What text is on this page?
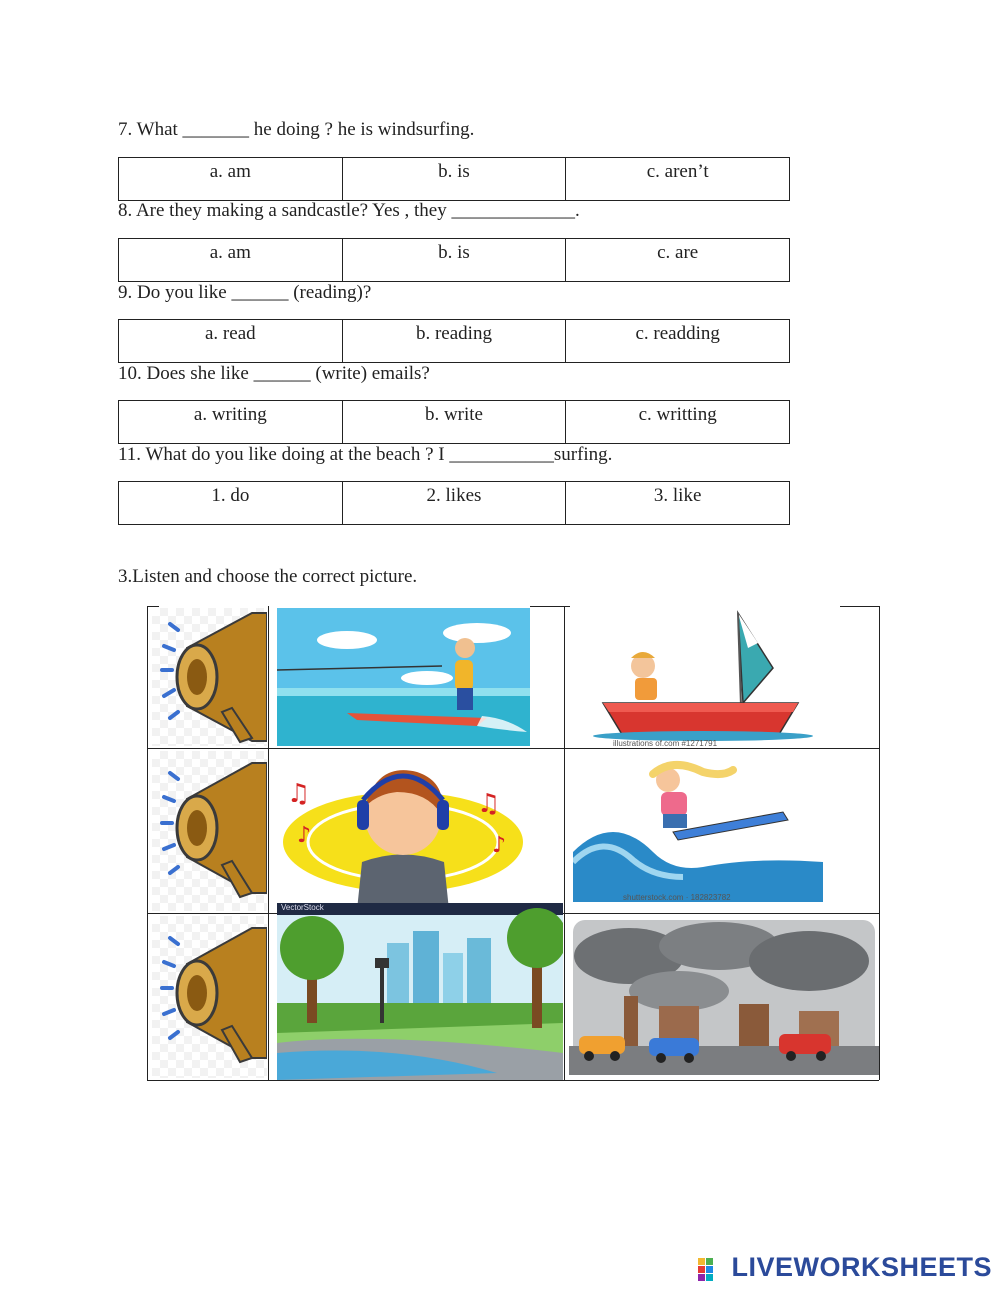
7. What _______ he doing ? he is windsurfing.
a. am	b. is	c. aren’t
8. Are they making a sandcastle? Yes , they _____________.
a. am	b. is	c. are
9. Do you like ______ (reading)?
a. read	b. reading	c. readding
10. Does she like ______ (write) emails?
a. writing	b. write	c. writting
11. What do you like doing at the beach ? I ___________surfing.
1. do	2. likes	3. like
3.Listen and choose the correct picture.
illustrations of.com #1271791
♫
♪
♫
♪
shutterstock.com · 182823782
VectorStock
LIVEWORKSHEETS
